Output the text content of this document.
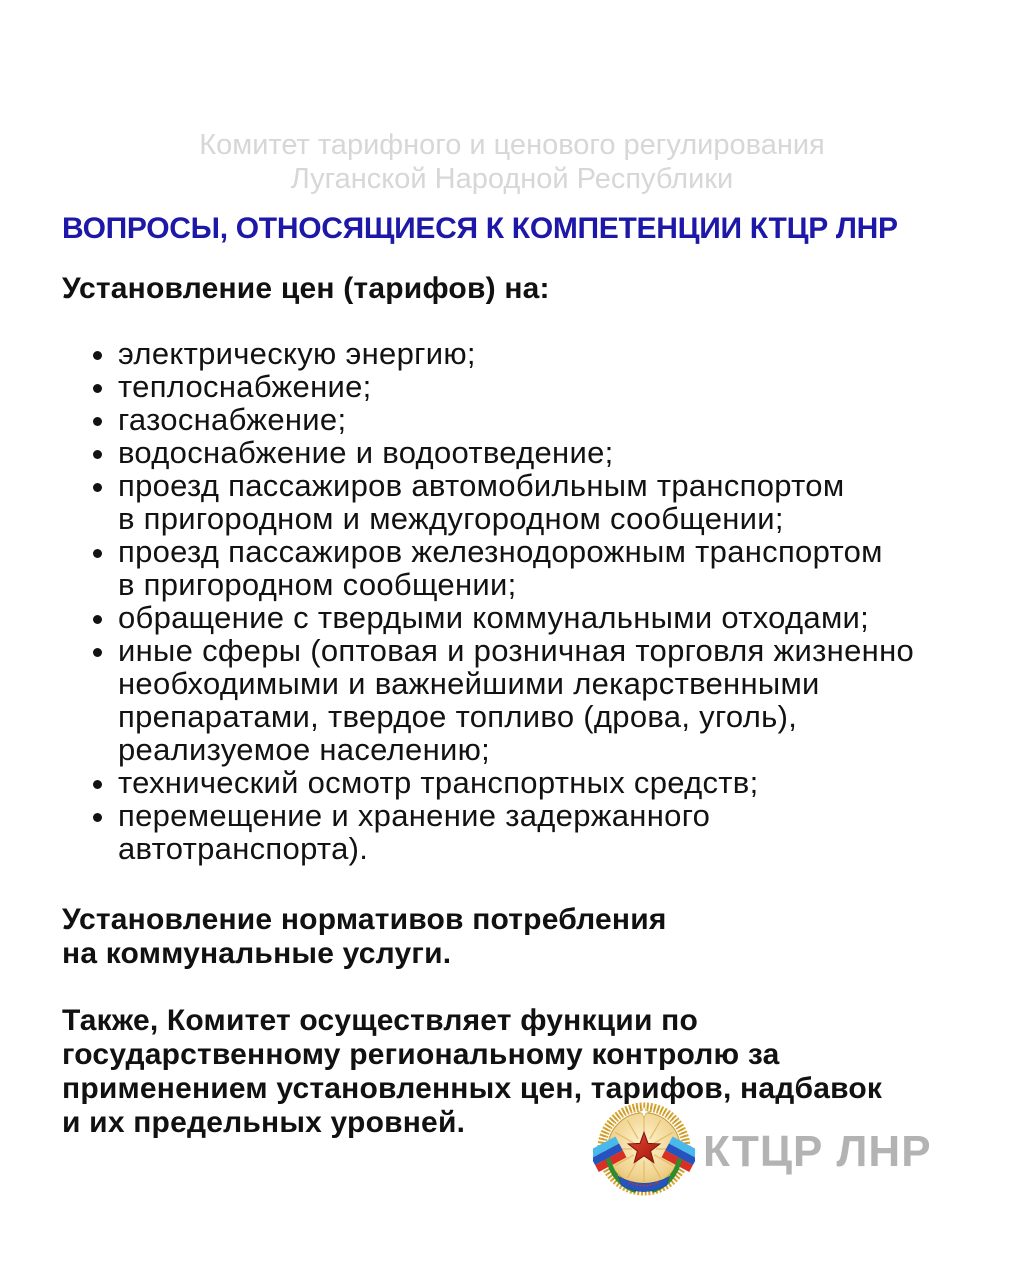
Комитет тарифного и ценового регулирования
Луганской Народной Республики
ВОПРОСЫ, ОТНОСЯЩИЕСЯ К КОМПЕТЕНЦИИ КТЦР ЛНР
Установление цен (тарифов) на:
• электрическую энергию;
• теплоснабжение;
• газоснабжение;
• водоснабжение и водоотведение;
• проезд пассажиров автомобильным транспортом
в пригородном и междугородном сообщении;
• проезд пассажиров железнодорожным транспортом
в пригородном сообщении;
• обращение с твердыми коммунальными отходами;
• иные сферы (оптовая и розничная торговля жизненно
необходимыми и важнейшими лекарственными
препаратами, твердое топливо (дрова, уголь),
реализуемое населению;
• технический осмотр транспортных средств;
• перемещение и хранение задержанного
автотранспорта).
Установление нормативов потребления
на коммунальные услуги.
Также, Комитет осуществляет функции по
государственному региональному контролю за
применением установленных цен, тарифов, надбавок
и их предельных уровней.
КТЦР ЛНР
